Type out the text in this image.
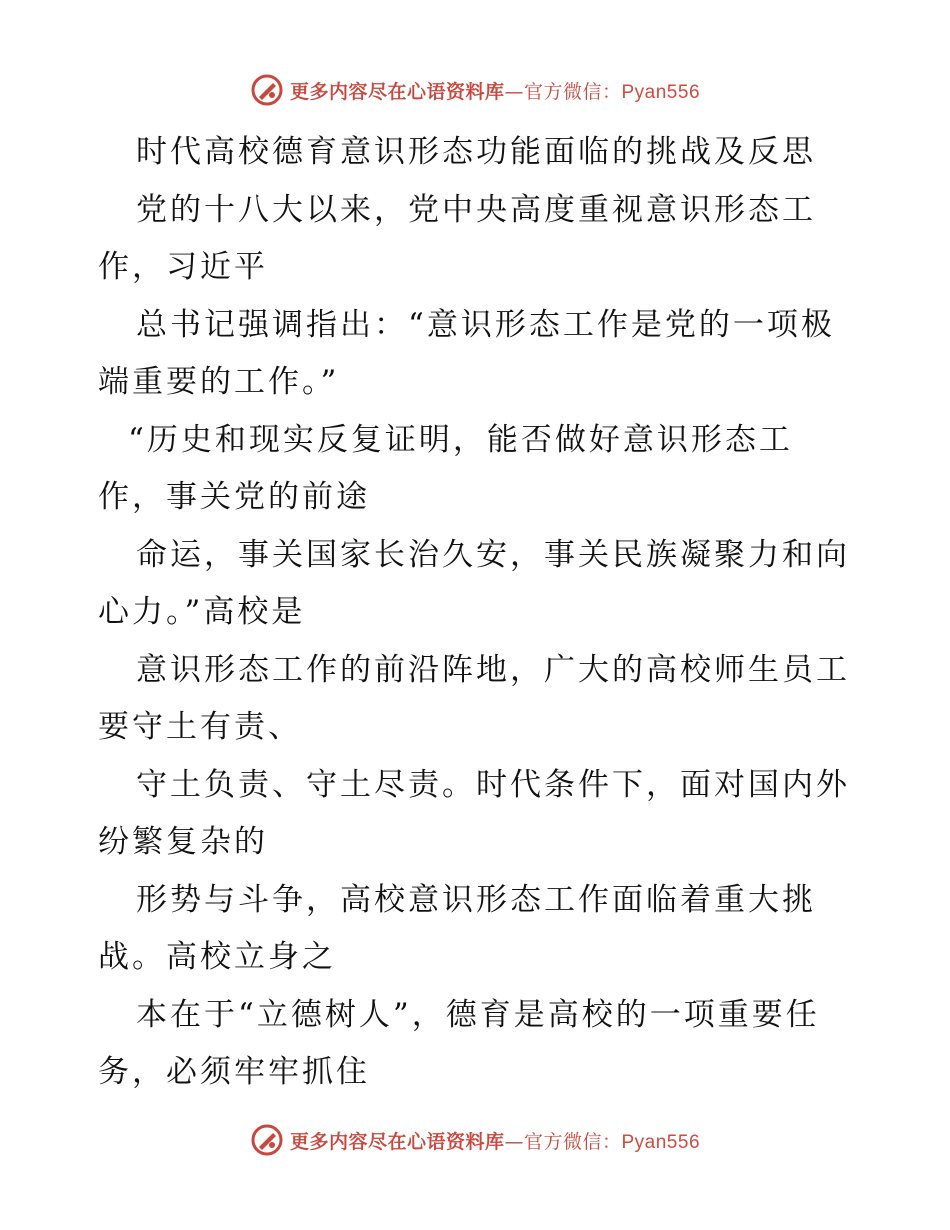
更多内容尽在心语资料库—官方微信：Pyan556
时代高校德育意识形态功能面临的挑战及反思
党的十八大以来，党中央高度重视意识形态工
作，习近平
总书记强调指出：“意识形态工作是党的一项极
端重要的工作。”
“历史和现实反复证明，能否做好意识形态工
作，事关党的前途
命运，事关国家长治久安，事关民族凝聚力和向
心力。”高校是
意识形态工作的前沿阵地，广大的高校师生员工
要守土有责、
守土负责、守土尽责。时代条件下，面对国内外
纷繁复杂的
形势与斗争，高校意识形态工作面临着重大挑
战。高校立身之
本在于“立德树人”，德育是高校的一项重要任
务，必须牢牢抓住
更多内容尽在心语资料库—官方微信：Pyan556
